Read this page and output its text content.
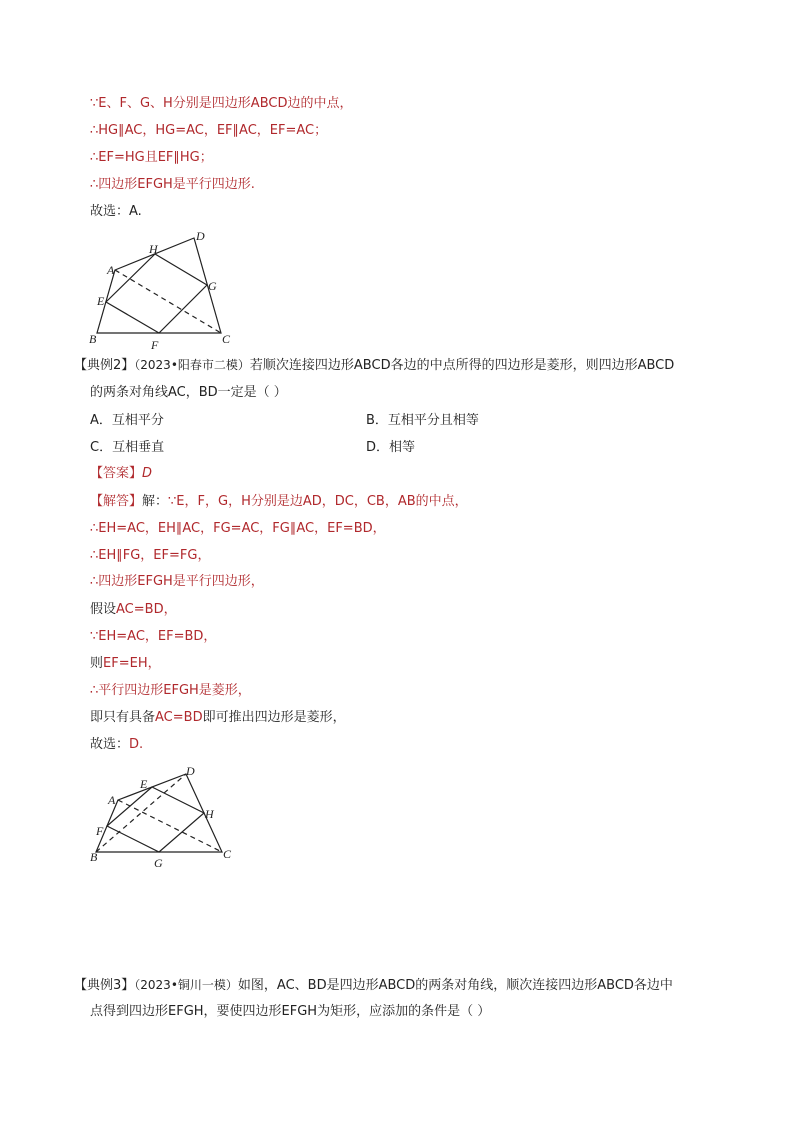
∵E、F、G、H分别是四边形ABCD边的中点，
∴HG∥AC，HG=AC，EF∥AC，EF=AC；
∴EF=HG且EF∥HG；
∴四边形EFGH是平行四边形.
故选：A.
A
B	C
D
E
F
G
H
【典例2】（2023•阳春市二模）若顺次连接四边形ABCD各边的中点所得的四边形是菱形，则四边形ABCD
的两条对角线AC，BD一定是（ ）
A．互相平分	B．互相平分且相等
C．互相垂直	D．相等
【答案】D
【解答】解：∵E，F，G，H分别是边AD，DC，CB，AB的中点，
∴EH=AC，EH∥AC，FG=AC，FG∥AC，EF=BD，
∴EH∥FG，EF=FG，
∴四边形EFGH是平行四边形，
假设AC=BD，
∵EH=AC，EF=BD，
则EF=EH，
∴平行四边形EFGH是菱形，
即只有具备AC=BD即可推出四边形是菱形，
故选：D.
A
B	C
D
E
F
G
H
【典例3】（2023•铜川一模）如图，AC、BD是四边形ABCD的两条对角线，顺次连接四边形ABCD各边中
点得到四边形EFGH，要使四边形EFGH为矩形，应添加的条件是（ ）
